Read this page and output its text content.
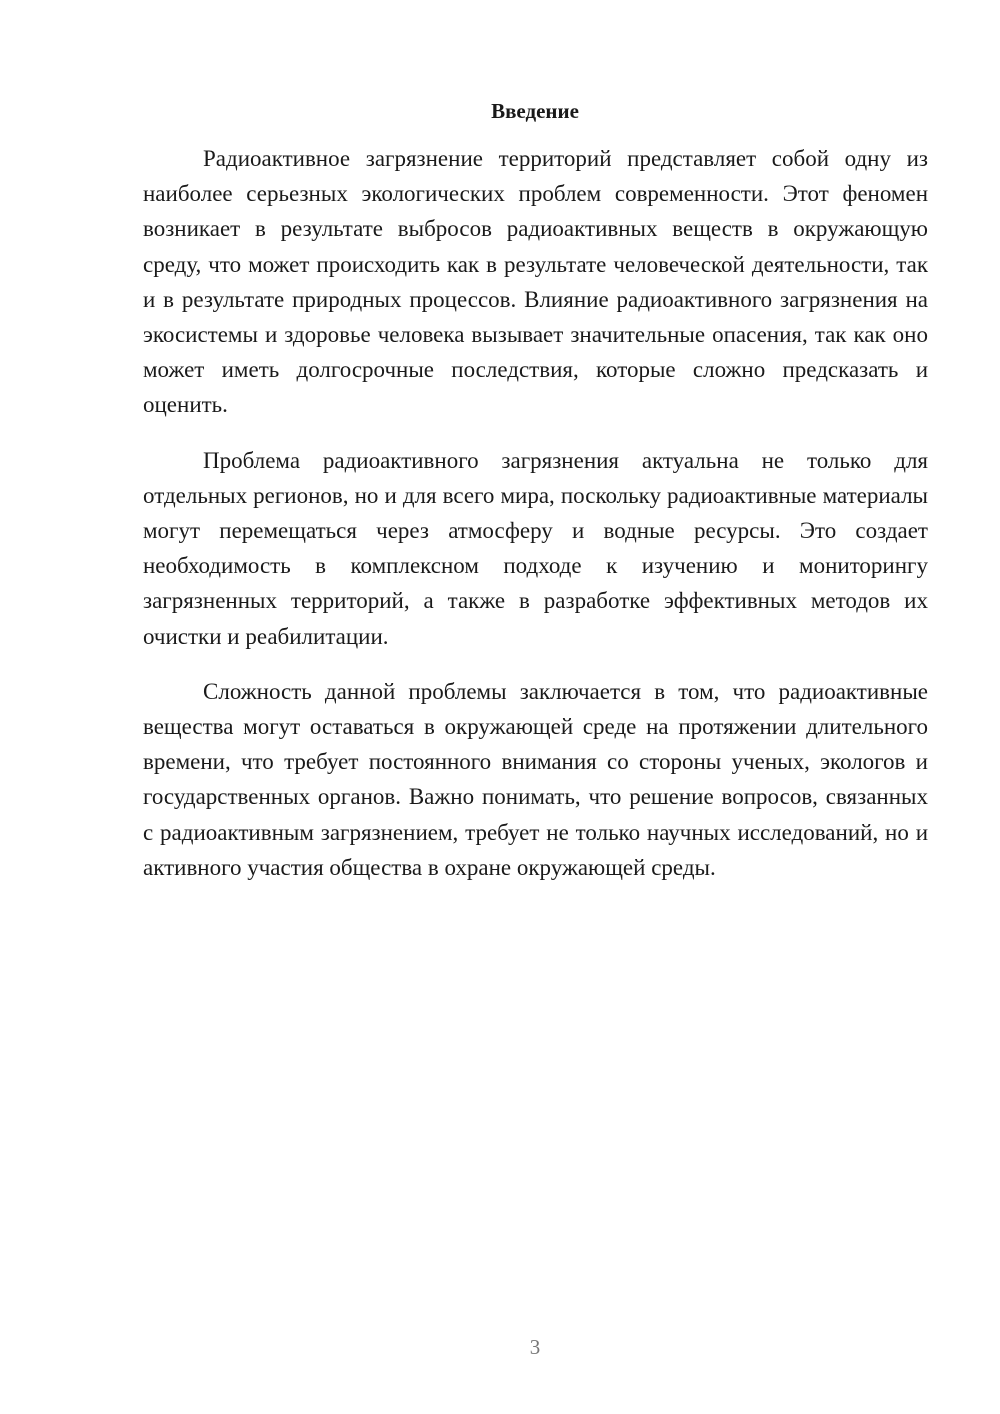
Введение

Радиоактивное загрязнение территорий представляет собой одну из наиболее серьезных экологических проблем современности. Этот феномен возникает в результате выбросов радиоактивных веществ в окружающую среду, что может происходить как в результате человеческой деятельности, так и в результате природных процессов. Влияние радиоактивного загрязнения на экосистемы и здоровье человека вызывает значительные опасения, так как оно может иметь долгосрочные последствия, которые сложно предсказать и оценить.

Проблема радиоактивного загрязнения актуальна не только для отдельных регионов, но и для всего мира, поскольку радиоактивные материалы могут перемещаться через атмосферу и водные ресурсы. Это создает необходимость в комплексном подходе к изучению и мониторингу загрязненных территорий, а также в разработке эффективных методов их очистки и реабилитации.

Сложность данной проблемы заключается в том, что радиоактивные вещества могут оставаться в окружающей среде на протяжении длительного времени, что требует постоянного внимания со стороны ученых, экологов и государственных органов. Важно понимать, что решение вопросов, связанных с радиоактивным загрязнением, требует не только научных исследований, но и активного участия общества в охране окружающей среды.

3
